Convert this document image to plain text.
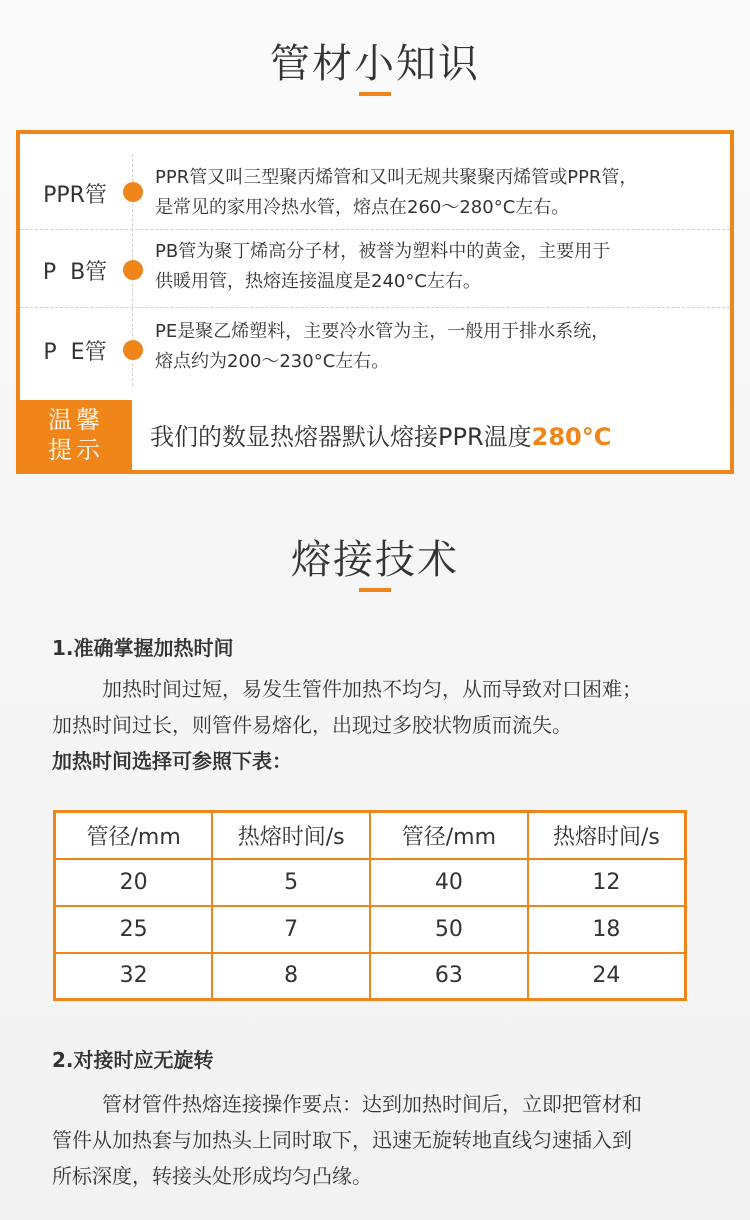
管材小知识
PPR管
PPR管又叫三型聚丙烯管和又叫无规共聚聚丙烯管或PPR管，
是常见的家用冷热水管，熔点在260～280°C左右。
P  B管
PB管为聚丁烯高分子材，被誉为塑料中的黄金，主要用于
供暖用管，热熔连接温度是240°C左右。
P  E管
PE是聚乙烯塑料，主要冷水管为主，一般用于排水系统，
熔点约为200～230°C左右。
温馨
提示	我们的数显热熔器默认熔接PPR温度280°C
熔接技术
1.准确掌握加热时间
加热时间过短，易发生管件加热不均匀，从而导致对口困难；
加热时间过长，则管件易熔化，出现过多胶状物质而流失。
加热时间选择可参照下表：
管径/mm	热熔时间/s	管径/mm	热熔时间/s
20	5	40	12
25	7	50	18
32	8	63	24
2.对接时应无旋转
管材管件热熔连接操作要点：达到加热时间后，立即把管材和
管件从加热套与加热头上同时取下，迅速无旋转地直线匀速插入到
所标深度，转接头处形成均匀凸缘。
